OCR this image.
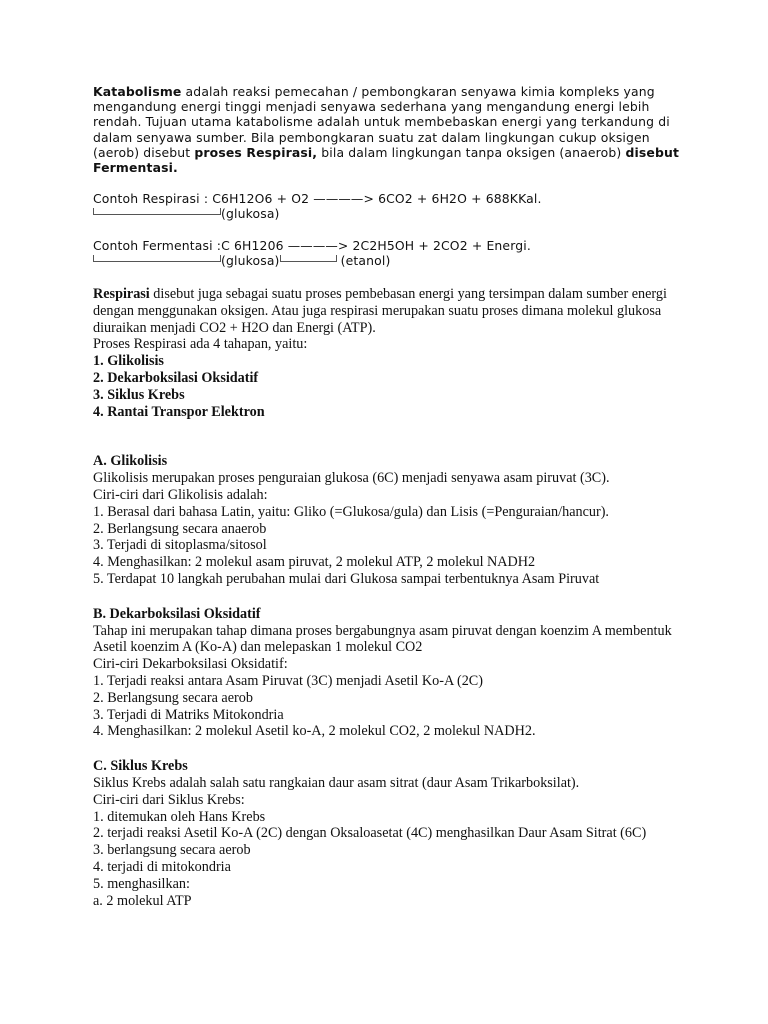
Katabolisme adalah reaksi pemecahan / pembongkaran senyawa kimia kompleks yang mengandung energi tinggi menjadi senyawa sederhana yang mengandung energi lebih rendah. Tujuan utama katabolisme adalah untuk membebaskan energi yang terkandung di dalam senyawa sumber. Bila pembongkaran suatu zat dalam lingkungan cukup oksigen (aerob) disebut proses Respirasi, bila dalam lingkungan tanpa oksigen (anaerob) disebut Fermentasi.

Contoh Respirasi : C6H12O6 + O2 ————> 6CO2 + 6H2O + 688KKal.
(glukosa)
Contoh Fermentasi :C 6H1206 ————> 2C2H5OH + 2CO2 + Energi.
(glukosa)	(etanol)

Respirasi disebut juga sebagai suatu proses pembebasan energi yang tersimpan dalam sumber energi dengan menggunakan oksigen. Atau juga respirasi merupakan suatu proses dimana molekul glukosa diuraikan menjadi CO2 + H2O dan Energi (ATP).

Proses Respirasi ada 4 tahapan, yaitu:

1. Glikolisis

2. Dekarboksilasi Oksidatif

3. Siklus Krebs

4. Rantai Transpor Elektron

A. Glikolisis

Glikolisis merupakan proses penguraian glukosa (6C) menjadi senyawa asam piruvat (3C).

Ciri-ciri dari Glikolisis adalah:

1. Berasal dari bahasa Latin, yaitu: Gliko (=Glukosa/gula) dan Lisis (=Penguraian/hancur).

2. Berlangsung secara anaerob

3. Terjadi di sitoplasma/sitosol

4. Menghasilkan: 2 molekul asam piruvat, 2 molekul ATP, 2 molekul NADH2

5. Terdapat 10 langkah perubahan mulai dari Glukosa sampai terbentuknya Asam Piruvat

B. Dekarboksilasi Oksidatif

Tahap ini merupakan tahap dimana proses bergabungnya asam piruvat dengan koenzim A membentuk Asetil koenzim A (Ko-A) dan melepaskan 1 molekul CO2

Ciri-ciri Dekarboksilasi Oksidatif:

1. Terjadi reaksi antara Asam Piruvat (3C) menjadi Asetil Ko-A (2C)

2. Berlangsung secara aerob

3. Terjadi di Matriks Mitokondria

4. Menghasilkan: 2 molekul Asetil ko-A, 2 molekul CO2, 2 molekul NADH2.

C. Siklus Krebs

Siklus Krebs adalah salah satu rangkaian daur asam sitrat (daur Asam Trikarboksilat).

Ciri-ciri dari Siklus Krebs:

1. ditemukan oleh Hans Krebs

2. terjadi reaksi Asetil Ko-A (2C) dengan Oksaloasetat (4C) menghasilkan Daur Asam Sitrat (6C)

3. berlangsung secara aerob

4. terjadi di mitokondria

5. menghasilkan:

a. 2 molekul ATP
